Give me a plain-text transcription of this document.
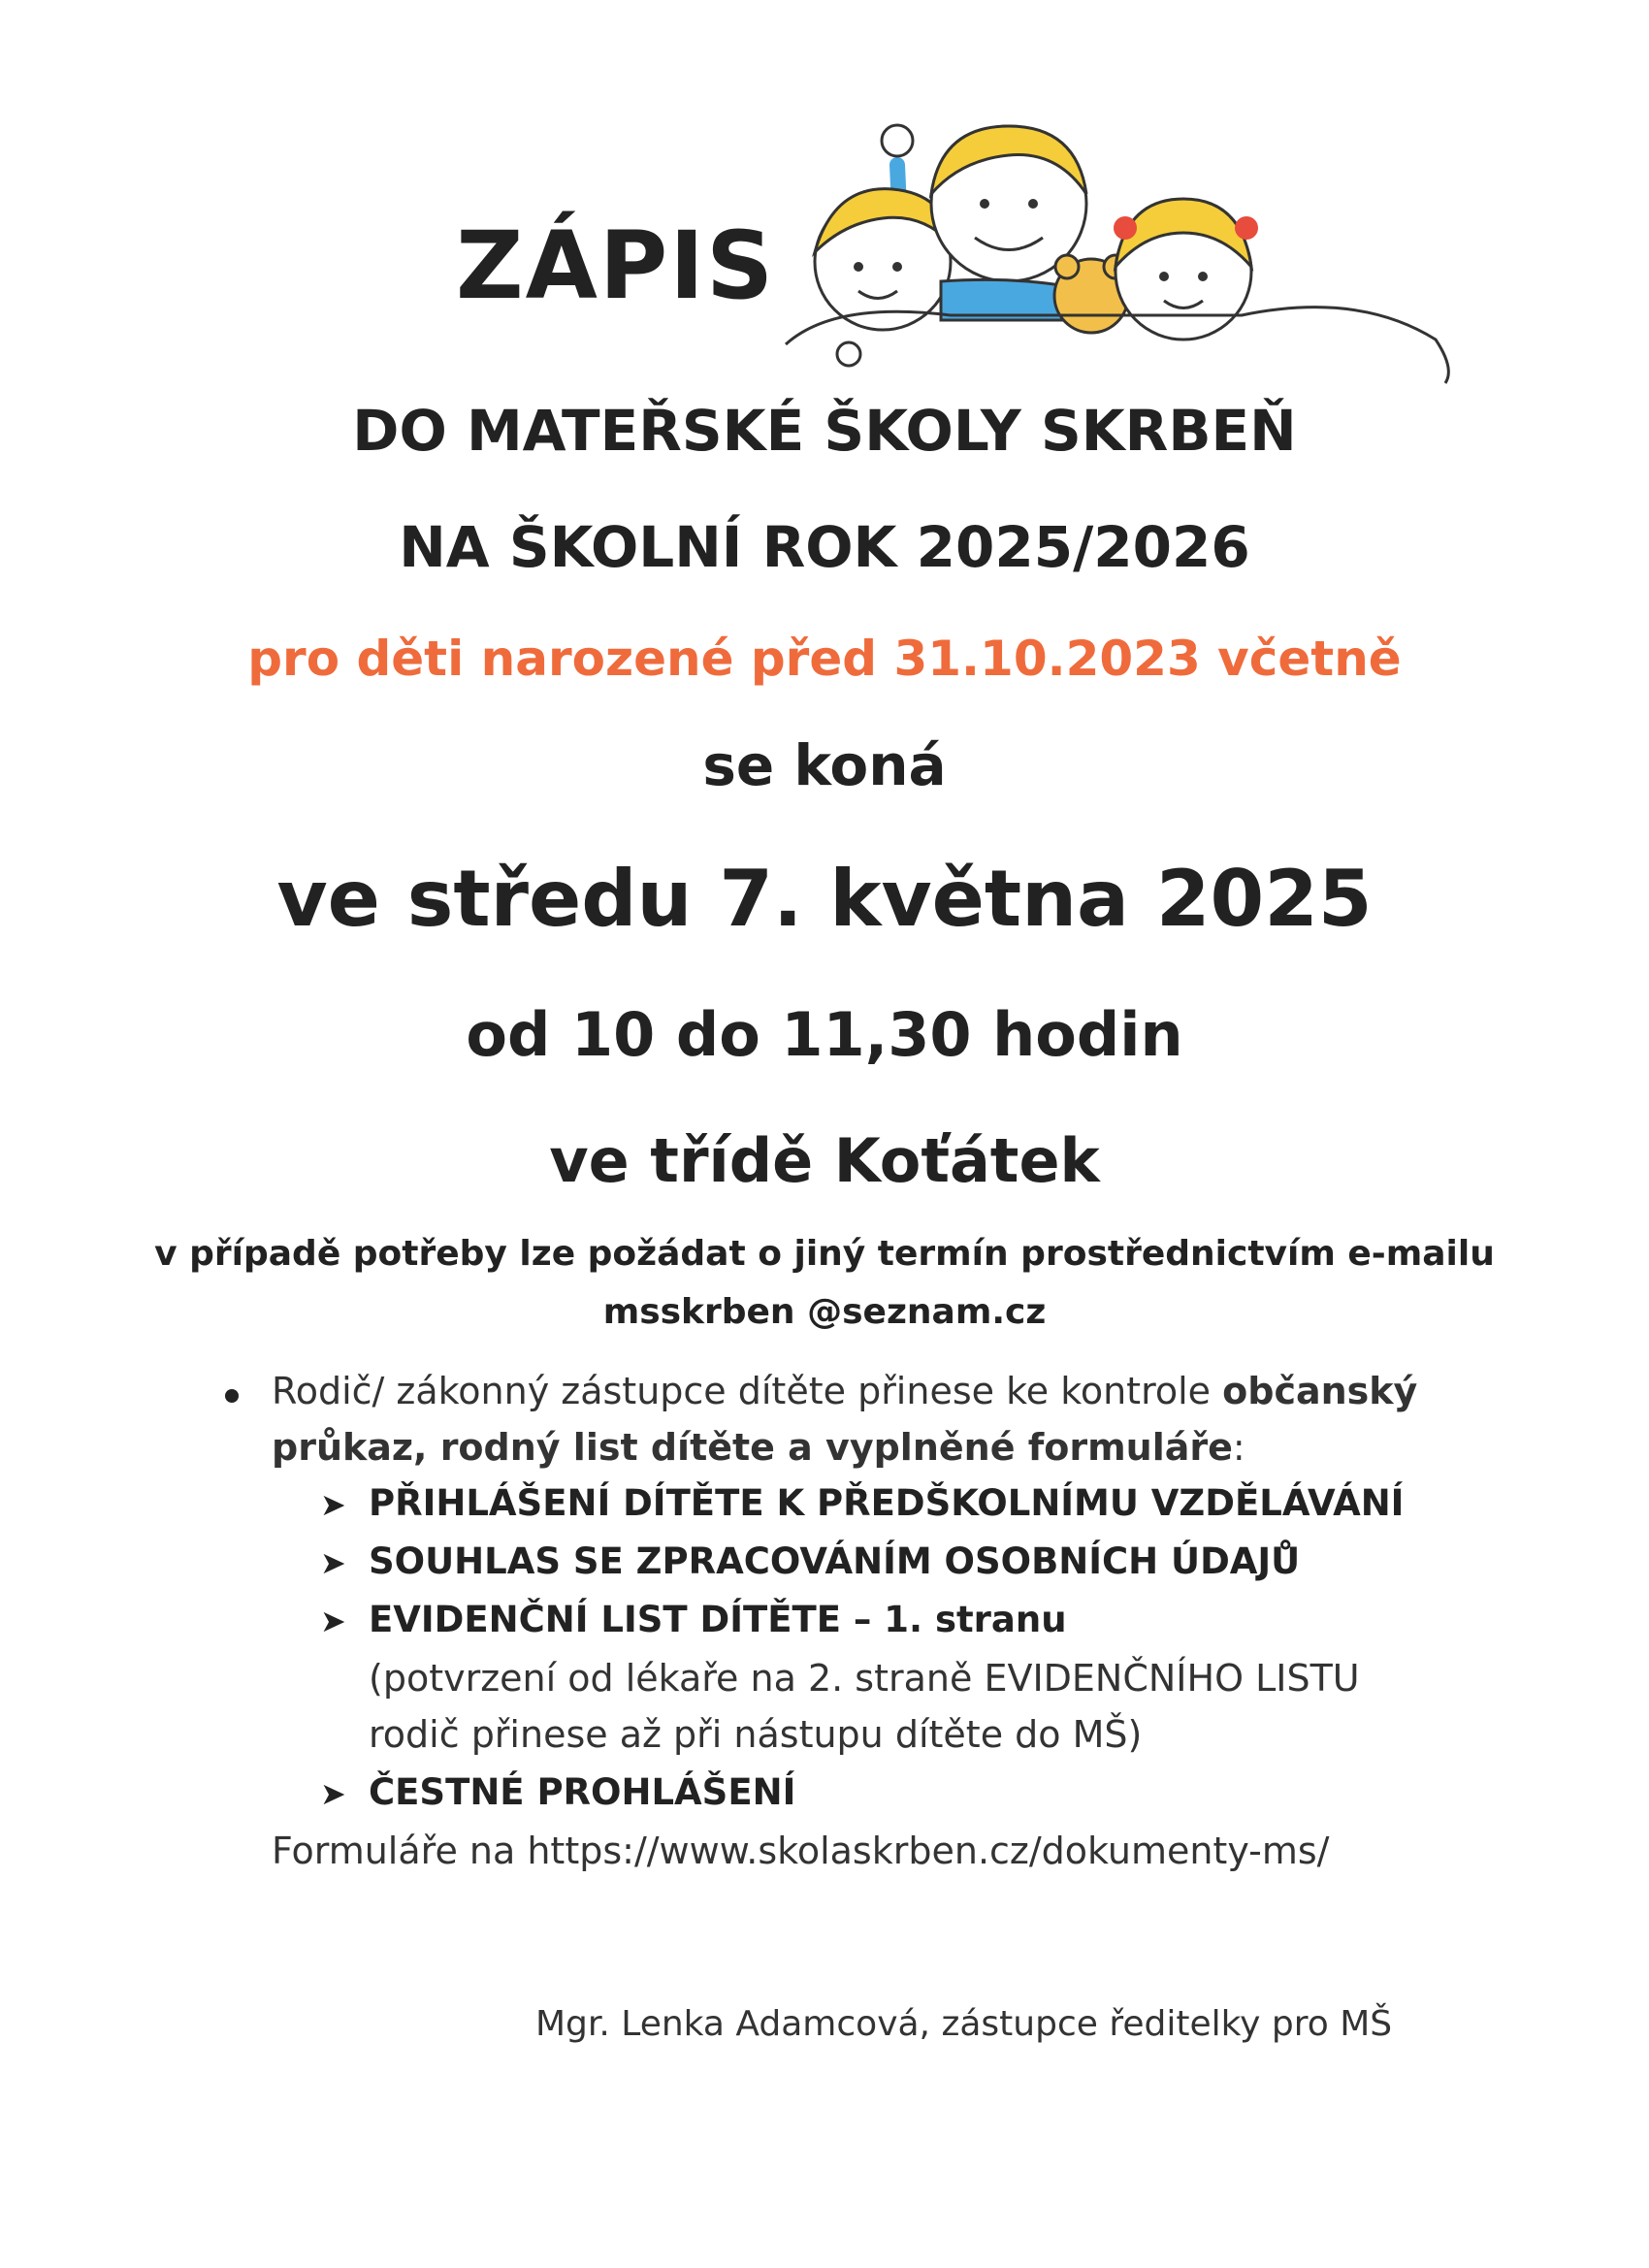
ZÁPIS
DO MATEŘSKÉ ŠKOLY SKRBEŇ
NA ŠKOLNÍ ROK 2025/2026
pro děti narozené před 31.10.2023 včetně
se koná
ve středu 7. května 2025
od 10 do 11,30 hodin
ve třídě Koťátek
v případě potřeby lze požádat o jiný termín prostřednictvím e-mailu
msskrben @seznam.cz
Rodič/ zákonný zástupce dítěte přinese ke kontrole občanský
průkaz, rodný list dítěte a vyplněné formuláře:
➤ PŘIHLÁŠENÍ DÍTĚTE K PŘEDŠKOLNÍMU VZDĚLÁVÁNÍ
➤ SOUHLAS SE ZPRACOVÁNÍM OSOBNÍCH ÚDAJŮ
➤ EVIDENČNÍ LIST DÍTĚTE – 1. stranu
(potvrzení od lékaře na 2. straně EVIDENČNÍHO LISTU
rodič přinese až při nástupu dítěte do MŠ)
➤ ČESTNÉ PROHLÁŠENÍ
Formuláře na https://www.skolaskrben.cz/dokumenty-ms/
Mgr. Lenka Adamcová, zástupce ředitelky pro MŠ
